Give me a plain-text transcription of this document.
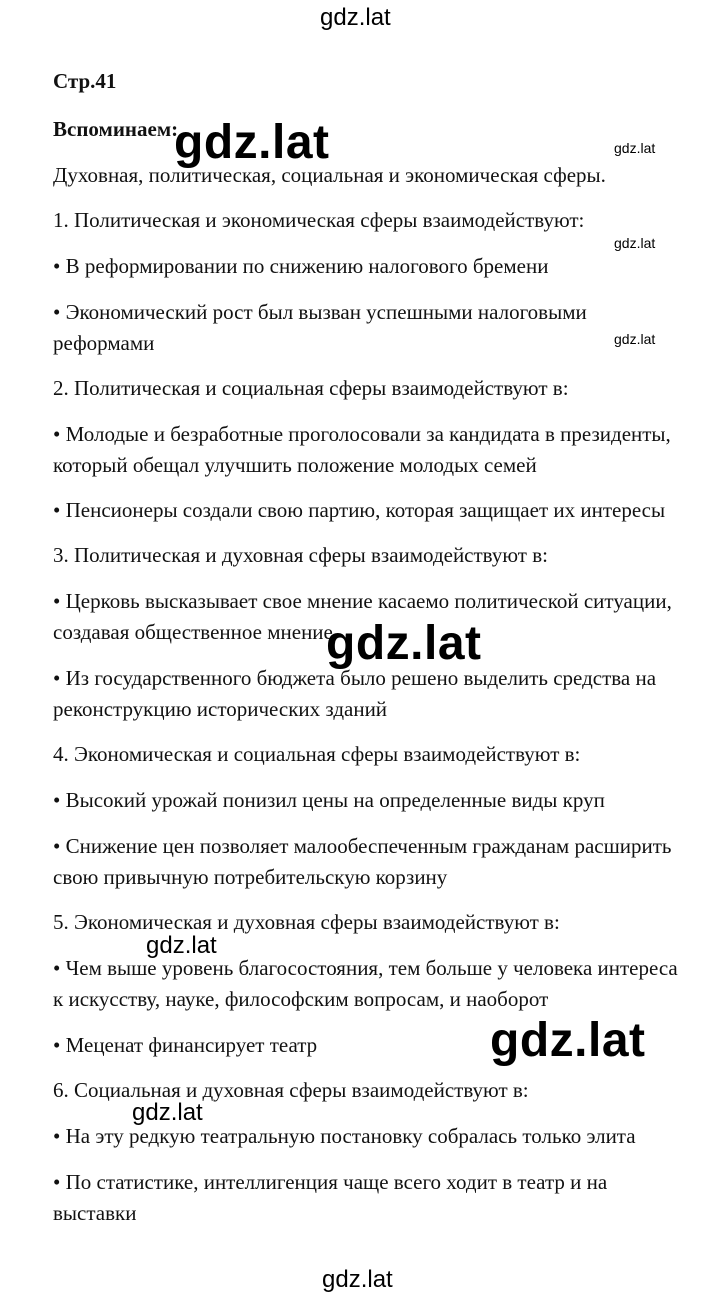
gdz.lat
Стр.41
Вспоминаем:
Духовная, политическая, социальная и экономическая сферы.
1. Политическая и экономическая сферы взаимодействуют:
• В реформировании по снижению налогового бремени
• Экономический рост был вызван успешными налоговыми
реформами
2. Политическая и социальная сферы взаимодействуют в:
• Молодые и безработные проголосовали за кандидата в президенты,
который обещал улучшить положение молодых семей
• Пенсионеры создали свою партию, которая защищает их интересы
3. Политическая и духовная сферы взаимодействуют в:
• Церковь высказывает свое мнение касаемо политической ситуации,
создавая общественное мнение
• Из государственного бюджета было решено выделить средства на
реконструкцию исторических зданий
4. Экономическая и социальная сферы взаимодействуют в:
• Высокий урожай понизил цены на определенные виды круп
• Снижение цен позволяет малообеспеченным гражданам расширить
свою привычную потребительскую корзину
5. Экономическая и духовная сферы взаимодействуют в:
• Чем выше уровень благосостояния, тем больше у человека интереса
к искусству, науке, философским вопросам, и наоборот
• Меценат финансирует театр
6. Социальная и духовная сферы взаимодействуют в:
• На эту редкую театральную постановку собралась только элита
• По статистике, интеллигенция чаще всего ходит в театр и на
выставки
gdz.lat	gdz.lat
gdz.lat
gdz.lat
gdz.lat
gdz.lat
gdz.lat
gdz.lat
gdz.lat
